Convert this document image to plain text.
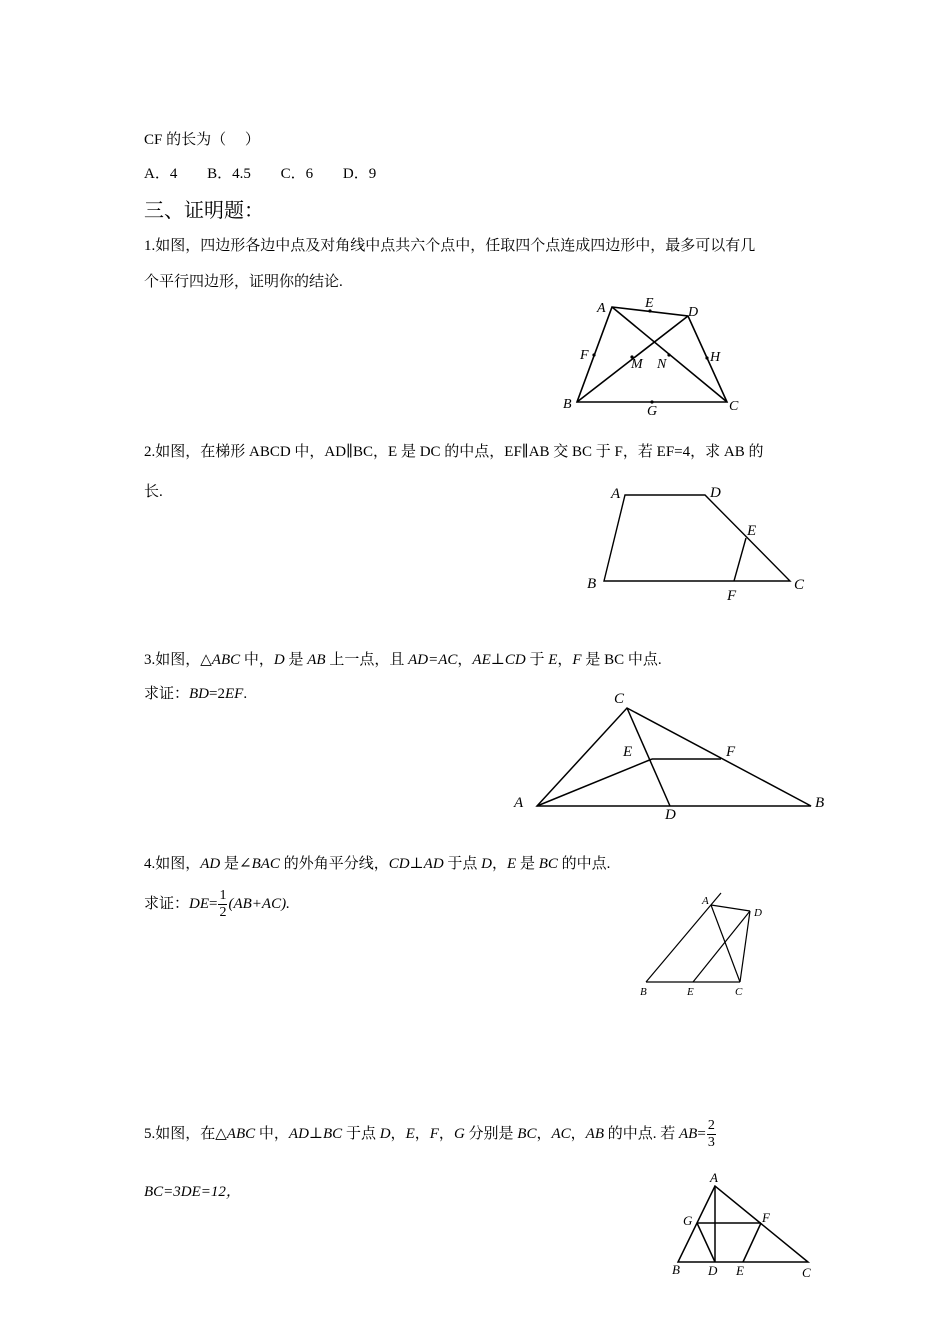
CF 的长为（　 ）
A．4 B．4.5 C．6 D．9
三、证明题：
1.如图，四边形各边中点及对角线中点共六个点中，任取四个点连成四边形中，最多可以有几
个平行四边形，证明你的结论.
A	E
D
F
M N	H
B	G	C
2.如图，在梯形 ABCD 中，AD∥BC，E 是 DC 的中点，EF∥AB 交 BC 于 F，若 EF=4，求 AB 的
长.	A	D
E
B
F
C
3.如图，△ABC 中，D 是 AB 上一点，且 AD=AC，AE⊥CD 于 E，F 是 BC 中点.
求证：BD=2EF.	C
E	F
A
D
B
4.如图，AD 是∠BAC 的外角平分线，CD⊥AD 于点 D，E 是 BC 的中点.
求证：$DE= \frac{1}{2} (AB+AC)$.	A
D
B	E	C
5.如图，在△ABC 中，AD⊥BC 于点 D，E，F，G 分别是 BC，AC，AB 的中点. 若 $AB= \frac{2}{3}$
BC=3DE=12，
A
G	F
B D E	C
